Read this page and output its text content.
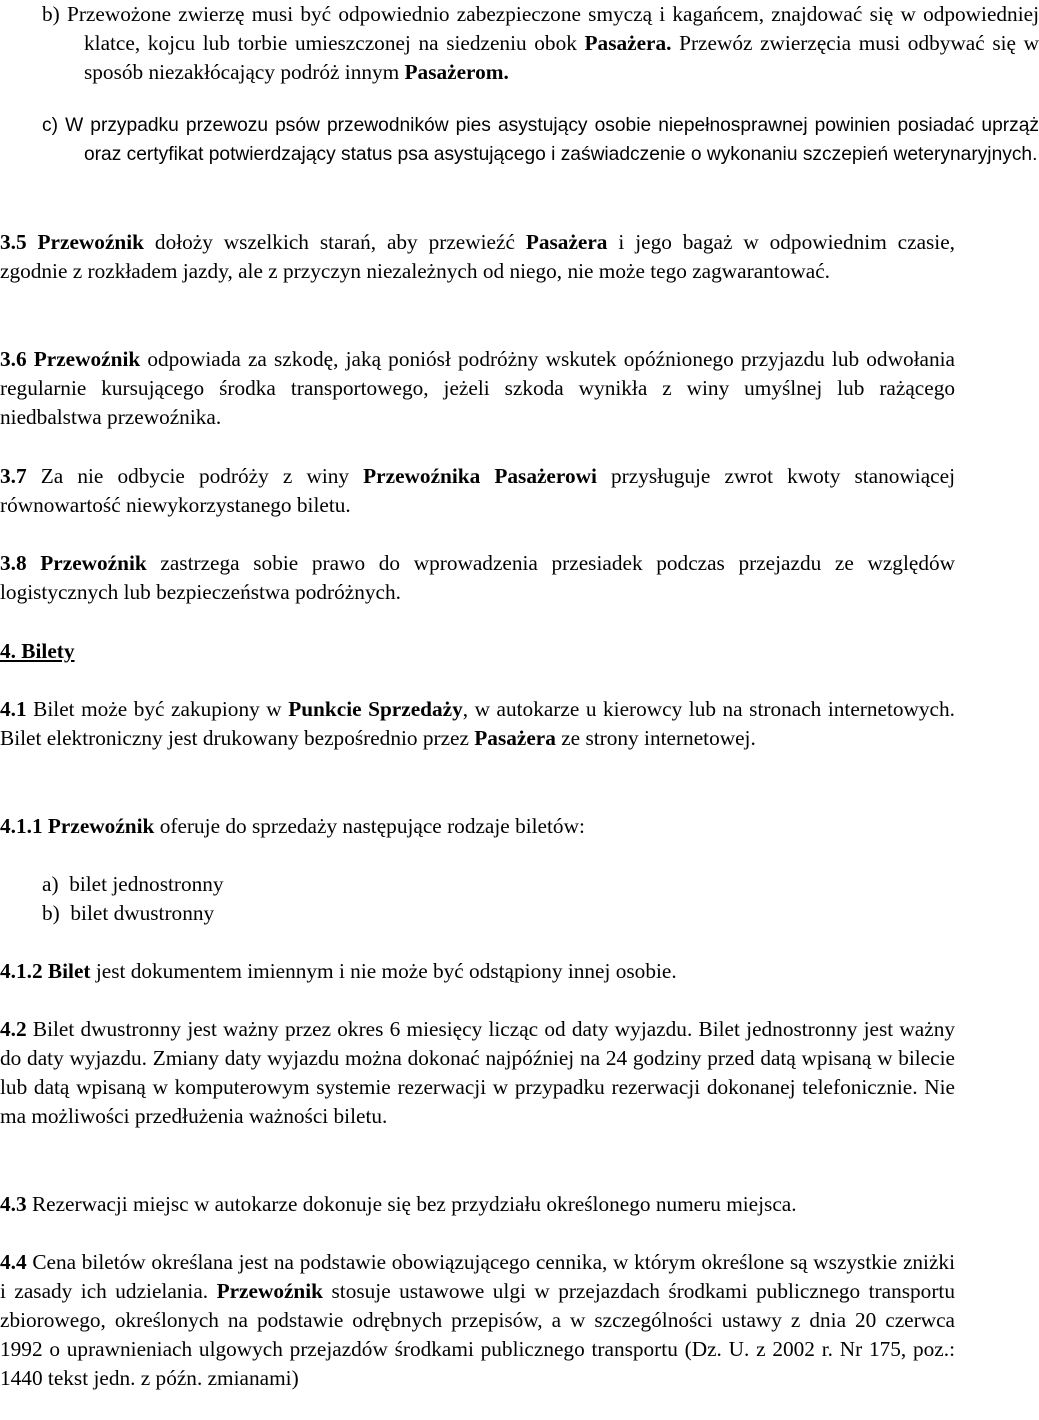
b) Przewożone zwierzę musi być odpowiednio zabezpieczone smyczą i kagańcem, znajdować się w odpowiedniej klatce, kojcu lub torbie umieszczonej na siedzeniu obok Pasażera. Przewóz zwierzęcia musi odbywać się w sposób niezakłócający podróż innym Pasażerom.

c) W przypadku przewozu psów przewodników pies asystujący osobie niepełnosprawnej powinien posiadać uprząż oraz certyfikat potwierdzający status psa asystującego i zaświadczenie o wykonaniu szczepień weterynaryjnych.

3.5 Przewoźnik dołoży wszelkich starań, aby przewieźć Pasażera i jego bagaż w odpowiednim czasie, zgodnie z rozkładem jazdy, ale z przyczyn niezależnych od niego, nie może tego zagwarantować.

3.6 Przewoźnik odpowiada za szkodę, jaką poniósł podróżny wskutek opóźnionego przyjazdu lub odwołania regularnie kursującego środka transportowego, jeżeli szkoda wynikła z winy umyślnej lub rażącego niedbalstwa przewoźnika.

3.7 Za nie odbycie podróży z winy Przewoźnika Pasażerowi przysługuje zwrot kwoty stanowiącej równowartość niewykorzystanego biletu.

3.8 Przewoźnik zastrzega sobie prawo do wprowadzenia przesiadek podczas przejazdu ze względów logistycznych lub bezpieczeństwa podróżnych.

4. Bilety

4.1 Bilet może być zakupiony w Punkcie Sprzedaży, w autokarze u kierowcy lub na stronach internetowych. Bilet elektroniczny jest drukowany bezpośrednio przez Pasażera ze strony internetowej.

4.1.1 Przewoźnik oferuje do sprzedaży następujące rodzaje biletów:

a) bilet jednostronny

b) bilet dwustronny

4.1.2 Bilet jest dokumentem imiennym i nie może być odstąpiony innej osobie.

4.2 Bilet dwustronny jest ważny przez okres 6 miesięcy licząc od daty wyjazdu. Bilet jednostronny jest ważny do daty wyjazdu. Zmiany daty wyjazdu można dokonać najpóźniej na 24 godziny przed datą wpisaną w bilecie lub datą wpisaną w komputerowym systemie rezerwacji w przypadku rezerwacji dokonanej telefonicznie. Nie ma możliwości przedłużenia ważności biletu.

4.3 Rezerwacji miejsc w autokarze dokonuje się bez przydziału określonego numeru miejsca.

4.4 Cena biletów określana jest na podstawie obowiązującego cennika, w którym określone są wszystkie zniżki i zasady ich udzielania. Przewoźnik stosuje ustawowe ulgi w przejazdach środkami publicznego transportu zbiorowego, określonych na podstawie odrębnych przepisów, a w szczególności ustawy z dnia 20 czerwca 1992 o uprawnieniach ulgowych przejazdów środkami publicznego transportu (Dz. U. z 2002 r. Nr 175, poz.: 1440 tekst jedn. z późn. zmianami)
